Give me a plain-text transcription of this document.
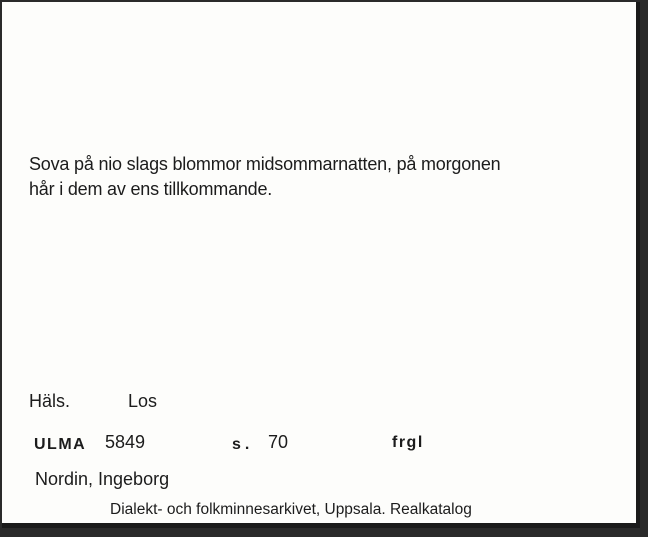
Sova på nio slags blommor midsommarnatten, på morgonen
hår i dem av ens tillkommande.
Häls.	Los
ULMA 5849	s. 70	frgl
Nordin, Ingeborg
Dialekt- och folkminnesarkivet, Uppsala. Realkatalog
